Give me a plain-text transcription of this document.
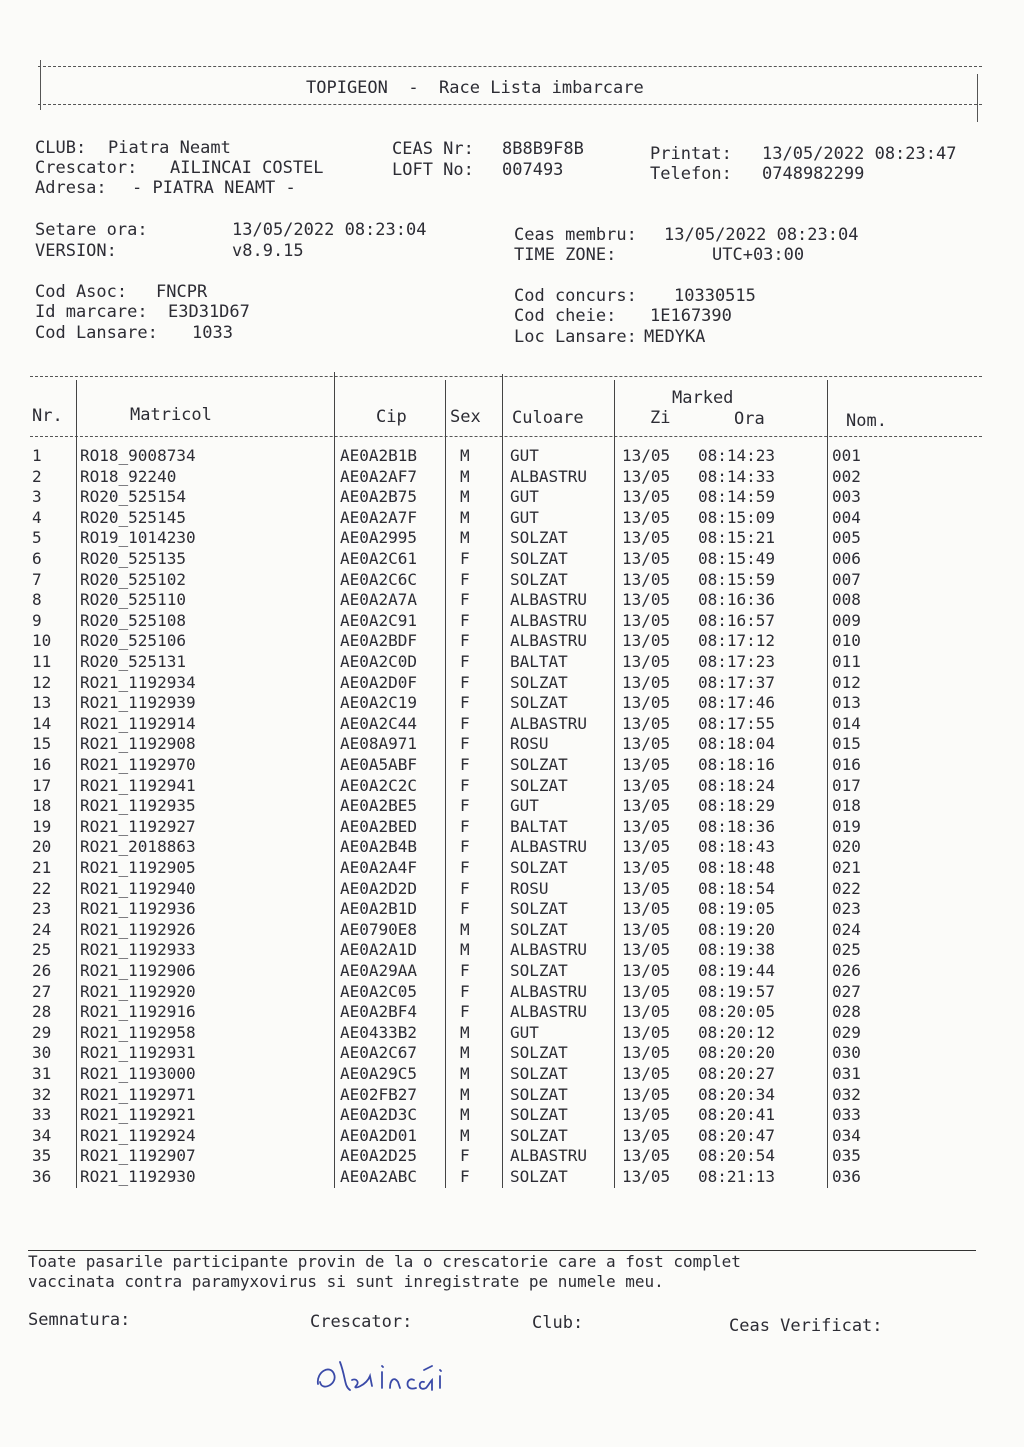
TOPIGEON  -  Race Lista imbarcare
CLUB: Piatra Neamt
Crescator: AILINCAI COSTEL
Adresa: - PIATRA NEAMT -
CEAS Nr: 8B8B9F8B
LOFT No: 007493
Printat: 13/05/2022 08:23:47
Telefon: 0748982299
Setare ora:	13/05/2022 08:23:04
VERSION:	v8.9.15
Ceas membru: 13/05/2022 08:23:04
TIME ZONE:	UTC+03:00
Cod Asoc: FNCPR
Id marcare: E3D31D67
Cod Lansare: 1033
Cod concurs: 10330515
Cod cheie: 1E167390
Loc Lansare: MEDYKA
Nr.	Matricol	Cip	Sex Culoare
Marked
Zi	Ora	Nom.
1 RO18_9008734	AE0A2B1B	M	GUT	13/05 08:14:23	001
2 RO18_92240	AE0A2AF7	M	ALBASTRU 13/05 08:14:33	002
3 RO20_525154	AE0A2B75	M	GUT	13/05 08:14:59	003
4 RO20_525145	AE0A2A7F	M	GUT	13/05 08:15:09	004
5 RO19_1014230	AE0A2995	M	SOLZAT	13/05 08:15:21	005
6 RO20_525135	AE0A2C61	F	SOLZAT	13/05 08:15:49	006
7 RO20_525102	AE0A2C6C	F	SOLZAT	13/05 08:15:59	007
8 RO20_525110	AE0A2A7A	F	ALBASTRU 13/05 08:16:36	008
9 RO20_525108	AE0A2C91	F	ALBASTRU 13/05 08:16:57	009
10 RO20_525106	AE0A2BDF	F	ALBASTRU 13/05 08:17:12	010
11 RO20_525131	AE0A2C0D	F	BALTAT	13/05 08:17:23	011
12 RO21_1192934	AE0A2D0F	F	SOLZAT	13/05 08:17:37	012
13 RO21_1192939	AE0A2C19	F	SOLZAT	13/05 08:17:46	013
14 RO21_1192914	AE0A2C44	F	ALBASTRU 13/05 08:17:55	014
15 RO21_1192908	AE08A971	F	ROSU	13/05 08:18:04	015
16 RO21_1192970	AE0A5ABF	F	SOLZAT	13/05 08:18:16	016
17 RO21_1192941	AE0A2C2C	F	SOLZAT	13/05 08:18:24	017
18 RO21_1192935	AE0A2BE5	F	GUT	13/05 08:18:29	018
19 RO21_1192927	AE0A2BED	F	BALTAT	13/05 08:18:36	019
20 RO21_2018863	AE0A2B4B	F	ALBASTRU 13/05 08:18:43	020
21 RO21_1192905	AE0A2A4F	F	SOLZAT	13/05 08:18:48	021
22 RO21_1192940	AE0A2D2D	F	ROSU	13/05 08:18:54	022
23 RO21_1192936	AE0A2B1D	F	SOLZAT	13/05 08:19:05	023
24 RO21_1192926	AE0790E8	M	SOLZAT	13/05 08:19:20	024
25 RO21_1192933	AE0A2A1D	M	ALBASTRU 13/05 08:19:38	025
26 RO21_1192906	AE0A29AA	F	SOLZAT	13/05 08:19:44	026
27 RO21_1192920	AE0A2C05	F	ALBASTRU 13/05 08:19:57	027
28 RO21_1192916	AE0A2BF4	F	ALBASTRU 13/05 08:20:05	028
29 RO21_1192958	AE0433B2	M	GUT	13/05 08:20:12	029
30 RO21_1192931	AE0A2C67	M	SOLZAT	13/05 08:20:20	030
31 RO21_1193000	AE0A29C5	M	SOLZAT	13/05 08:20:27	031
32 RO21_1192971	AE02FB27	M	SOLZAT	13/05 08:20:34	032
33 RO21_1192921	AE0A2D3C	M	SOLZAT	13/05 08:20:41	033
34 RO21_1192924	AE0A2D01	M	SOLZAT	13/05 08:20:47	034
35 RO21_1192907	AE0A2D25	F	ALBASTRU 13/05 08:20:54	035
36 RO21_1192930	AE0A2ABC	F	SOLZAT	13/05 08:21:13	036
Toate pasarile participante provin de la o crescatorie care a fost complet
vaccinata contra paramyxovirus si sunt inregistrate pe numele meu.
Semnatura:	Crescator:	Club:	Ceas Verificat:
